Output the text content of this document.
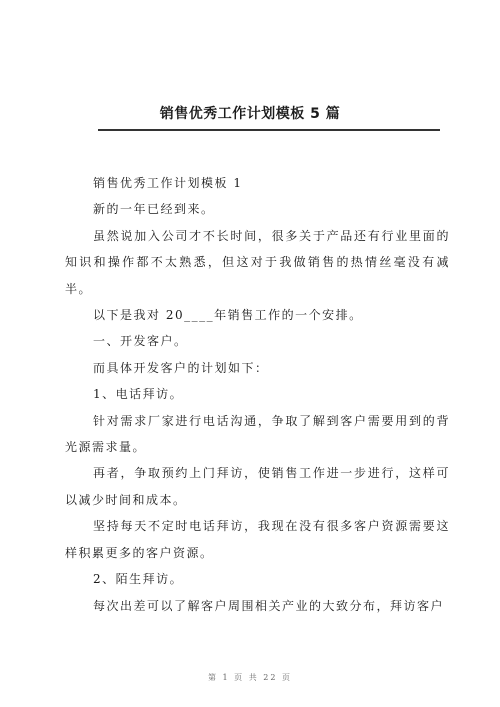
销售优秀工作计划模板 5 篇

销售优秀工作计划模板 1

新的一年已经到来。

虽然说加入公司才不长时间，很多关于产品还有行业里面的知识和操作都不太熟悉，但这对于我做销售的热情丝毫没有减半。

以下是我对 20____年销售工作的一个安排。

一、开发客户。

而具体开发客户的计划如下：

1、电话拜访。

针对需求厂家进行电话沟通，争取了解到客户需要用到的背光源需求量。

再者，争取预约上门拜访，使销售工作进一步进行，这样可以减少时间和成本。

坚持每天不定时电话拜访，我现在没有很多客户资源需要这样积累更多的客户资源。

2、陌生拜访。

每次出差可以了解客户周围相关产业的大致分布，拜访客户

第 1 页 共 22 页
